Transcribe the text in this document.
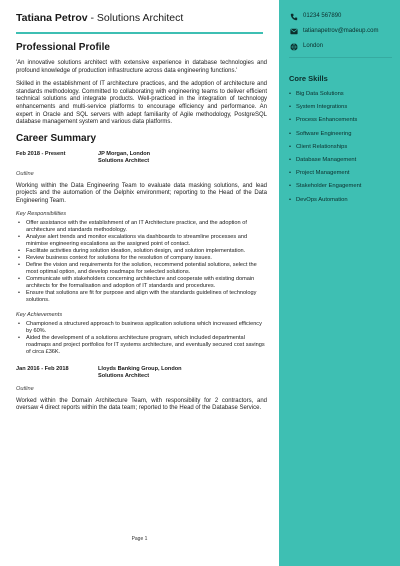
Tatiana Petrov - Solutions Architect
Professional Profile

'An innovative solutions architect with extensive experience in database technologies and profound knowledge of production infrastructure across data engineering functions.'

Skilled in the establishment of IT architecture practices, and the adoption of architecture and standards methodology. Committed to collaborating with engineering teams to deliver efficient technical solutions and integrate products. Well-practiced in the integration of technology enhancements and multi-service platforms to encourage efficiency and performance. An expert in Oracle and SQL servers with adept familiarity of Agile methodology, PostgreSQL database management system and various data platforms.

Career Summary
Feb 2018 - Present	JP Morgan, London
Solutions Architect
Outline

Working within the Data Engineering Team to evaluate data masking solutions, and lead projects and the automation of the Delphix environment; reporting to the Head of the Data Engineering Team.

Key Responsibilities
• Offer assistance with the establishment of an IT Architecture practice, and the adoption of architecture and standards methodology.
• Analyse alert trends and monitor escalations via dashboards to streamline processes and minimise engineering escalations as the assigned point of contact.
• Facilitate activities during solution ideation, solution design, and solution implementation.
• Review business context for solutions for the resolution of company issues.
• Define the vision and requirements for the solution, recommend potential solutions, select the most optimal option, and develop roadmaps for selected solutions.
• Communicate with stakeholders concerning architecture and cooperate with existing domain architects for the formalisation and adoption of IT standards and procedures.
• Ensure that solutions are fit for purpose and align with the standards guidelines of technology solutions.
Key Achievements
• Championed a structured approach to business application solutions which increased efficiency by 60%.
• Aided the development of a solutions architecture program, which included departmental roadmaps and project portfolios for IT systems architecture, and eventually secured cost savings of circa £36K.
Jan 2016 - Feb 2018	Lloyds Banking Group, London
Solutions Architect
Outline

Worked within the Domain Architecture Team, with responsibility for 2 contractors, and oversaw 4 direct reports within the data team; reported to the Head of the Database Service.

Page 1
01234 567890
tatianapetrov@madeup.com
London
Core Skills
• Big Data Solutions
• System Integrations
• Process Enhancements
• Software Engineering
• Client Relationships
• Database Management
• Project Management
• Stakeholder Engagement
• DevOps Automation
